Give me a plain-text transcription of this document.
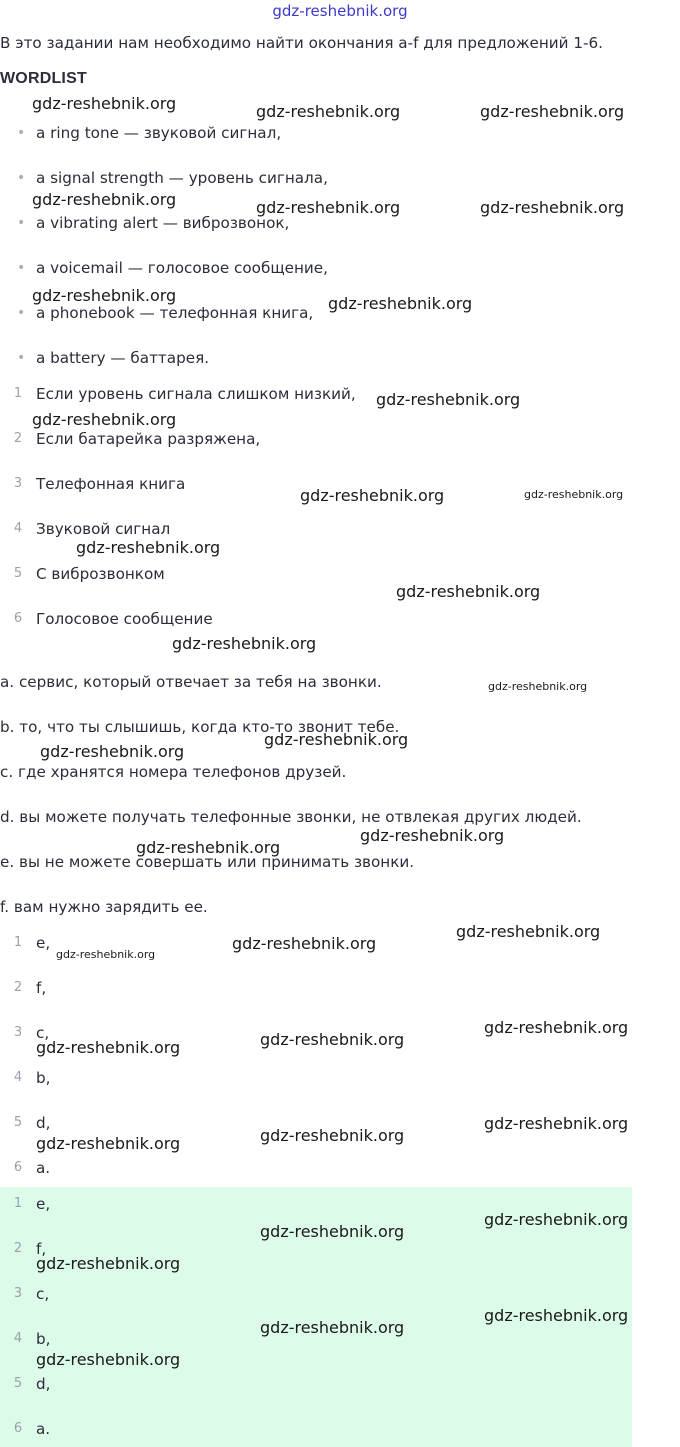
gdz-reshebnik.org
В это задании нам необходимо найти окончания a-f для предложений 1-6.
WORDLIST
• a ring tone — звуковой сигнал,
• a signal strength — уровень сигнала,
• a vibrating alert — виброзвонок,
• a voicemail — голосовое сообщение,
• a phonebook — телефонная книга,
• a battery — баттарея.
1 Если уровень сигнала слишком низкий,
2 Если батарейка разряжена,
3 Телефонная книга
4 Звуковой сигнал
5 С виброзвонком
6 Голосовое сообщение
a. сервис, который отвечает за тебя на звонки.
b. то, что ты слышишь, когда кто-то звонит тебе.
c. где хранятся номера телефонов друзей.
d. вы можете получать телефонные звонки, не отвлекая других людей.
e. вы не можете совершать или принимать звонки.
f. вам нужно зарядить ее.
1 e,
2 f,
3 c,
4 b,
5 d,
6 a.
1 e,
2 f,
3 c,
4 b,
5 d,
6 a.
gdz-reshebnik.org	gdz-reshebnik.org	gdz-reshebnik.org
gdz-reshebnik.org	gdz-reshebnik.org	gdz-reshebnik.org
gdz-reshebnik.org	gdz-reshebnik.org
gdz-reshebnik.org
gdz-reshebnik.org
gdz-reshebnik.org	gdz-reshebnik.org
gdz-reshebnik.org
gdz-reshebnik.org
gdz-reshebnik.org
gdz-reshebnik.org
gdz-reshebnik.org
gdz-reshebnik.org
gdz-reshebnik.org
gdz-reshebnik.org
gdz-reshebnik.org
gdz-reshebnik.org
gdz-reshebnik.org
gdz-reshebnik.org
gdz-reshebnik.org
gdz-reshebnik.org
gdz-reshebnik.org
gdz-reshebnik.org
gdz-reshebnik.org
gdz-reshebnik.org
gdz-reshebnik.org
gdz-reshebnik.org
gdz-reshebnik.org
gdz-reshebnik.org
gdz-reshebnik.org
